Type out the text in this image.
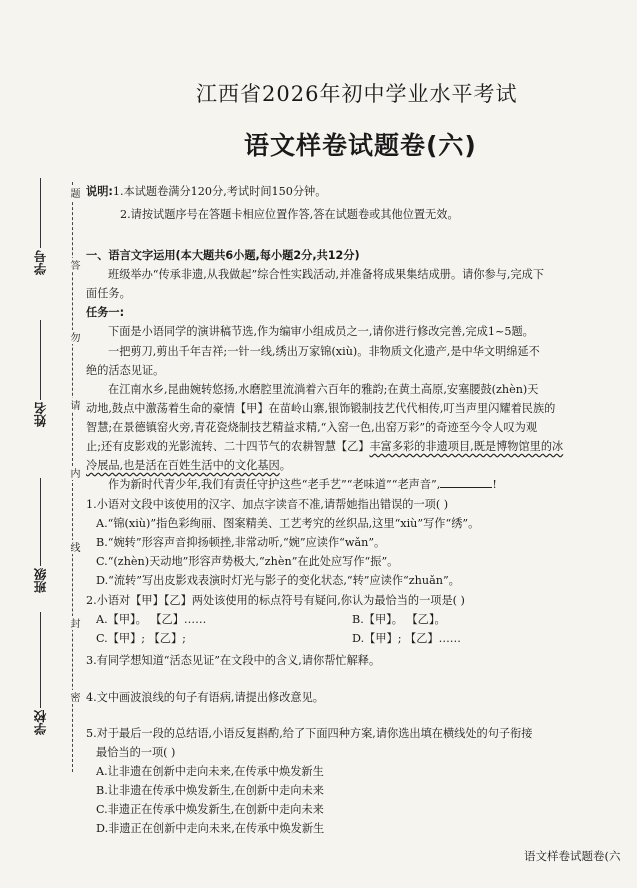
学号
姓名
班级
学校
题
答
勿
请
内
线
封
密
江西省2026年初中学业水平考试
语文样卷试题卷(六)
说明:1.本试题卷满分120分,考试时间150分钟。
2.请按试题序号在答题卡相应位置作答,答在试题卷或其他位置无效。
一、语言文字运用(本大题共6小题,每小题2分,共12分)
班级举办“传承非遗,从我做起”综合性实践活动,并准备将成果集结成册。请你参与,完成下
面任务。
任务一:
下面是小语同学的演讲稿节选,作为编审小组成员之一,请你进行修改完善,完成1~5题。
一把剪刀,剪出千年吉祥;一针一线,绣出万家锦(xiù)。非物质文化遗产,是中华文明绵延不
绝的活态见证。
在江南水乡,昆曲婉转悠扬,水磨腔里流淌着六百年的雅韵;在黄土高原,安塞腰鼓(zhèn)天
动地,鼓点中激荡着生命的豪情【甲】在苗岭山寨,银饰锻制技艺代代相传,叮当声里闪耀着民族的
智慧;在景德镇窑火旁,青花瓷烧制技艺精益求精,“入窑一色,出窑万彩”的奇迹至今令人叹为观
止;还有皮影戏的光影流转、二十四节气的农耕智慧【乙】丰富多彩的非遗项目,既是博物馆里的冰
冷展品,也是活在百姓生活中的文化基因。
作为新时代青少年,我们有责任守护这些“老手艺”“老味道”“老声音”,	!
1.小语对文段中该使用的汉字、加点字读音不准,请帮她指出错误的一项( )
A.“锦(xiù)”指色彩绚丽、图案精美、工艺考究的丝织品,这里“xiù”写作“绣”。
B.“婉转”形容声音抑扬顿挫,非常动听,“婉”应读作“wǎn”。
C.“(zhèn)天动地”形容声势极大,“zhèn”在此处应写作“振”。
D.“流转”写出皮影戏表演时灯光与影子的变化状态,“转”应读作“zhuǎn”。
2.小语对【甲】【乙】两处该使用的标点符号有疑问,你认为最恰当的一项是( )
A.【甲】。 【乙】……	B.【甲】。 【乙】。
C.【甲】; 【乙】;	D.【甲】; 【乙】……
3.有同学想知道“活态见证”在文段中的含义,请你帮忙解释。
4.文中画波浪线的句子有语病,请提出修改意见。
5.对于最后一段的总结语,小语反复斟酌,给了下面四种方案,请你选出填在横线处的句子衔接
最恰当的一项( )
A.让非遗在创新中走向未来,在传承中焕发新生
B.让非遗在传承中焕发新生,在创新中走向未来
C.非遗正在传承中焕发新生,在创新中走向未来
D.非遗正在创新中走向未来,在传承中焕发新生
语文样卷试题卷(六
